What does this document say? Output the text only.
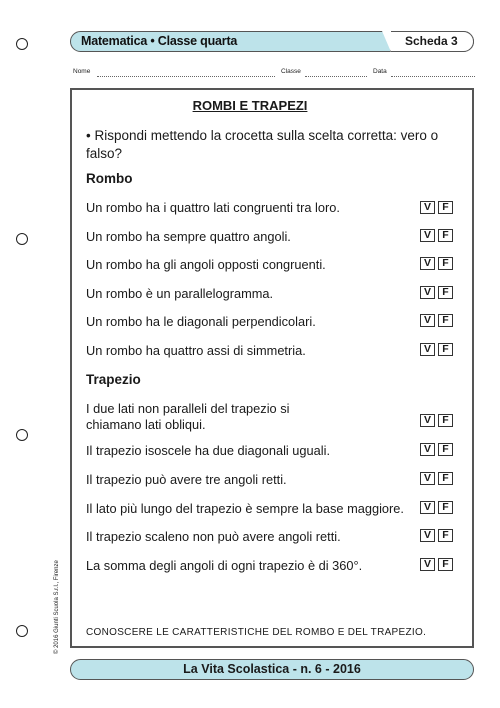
Matematica • Classe quarta	Scheda 3
Nome	Classe	Data
© 2016 Giunti Scuola S.r.l., Firenze
ROMBI E TRAPEZI
• Rispondi mettendo la crocetta sulla scelta corretta: vero o falso?
Rombo
Un rombo ha i quattro lati congruenti tra loro.	V	F
Un rombo ha sempre quattro angoli.	V	F
Un rombo ha gli angoli opposti congruenti.	V	F
Un rombo è un parallelogramma.	V	F
Un rombo ha le diagonali perpendicolari.	V	F
Un rombo ha quattro assi di simmetria.	V	F
Trapezio
I due lati non paralleli del trapezio si chiamano lati obliqui.	V	F
Il trapezio isoscele ha due diagonali uguali.	V	F
Il trapezio può avere tre angoli retti.	V	F
Il lato più lungo del trapezio è sempre la base maggiore.	V	F
Il trapezio scaleno non può avere angoli retti.	V	F
La somma degli angoli di ogni trapezio è di 360°.	V	F
CONOSCERE LE CARATTERISTICHE DEL ROMBO E DEL TRAPEZIO.
La Vita Scolastica - n. 6 - 2016
